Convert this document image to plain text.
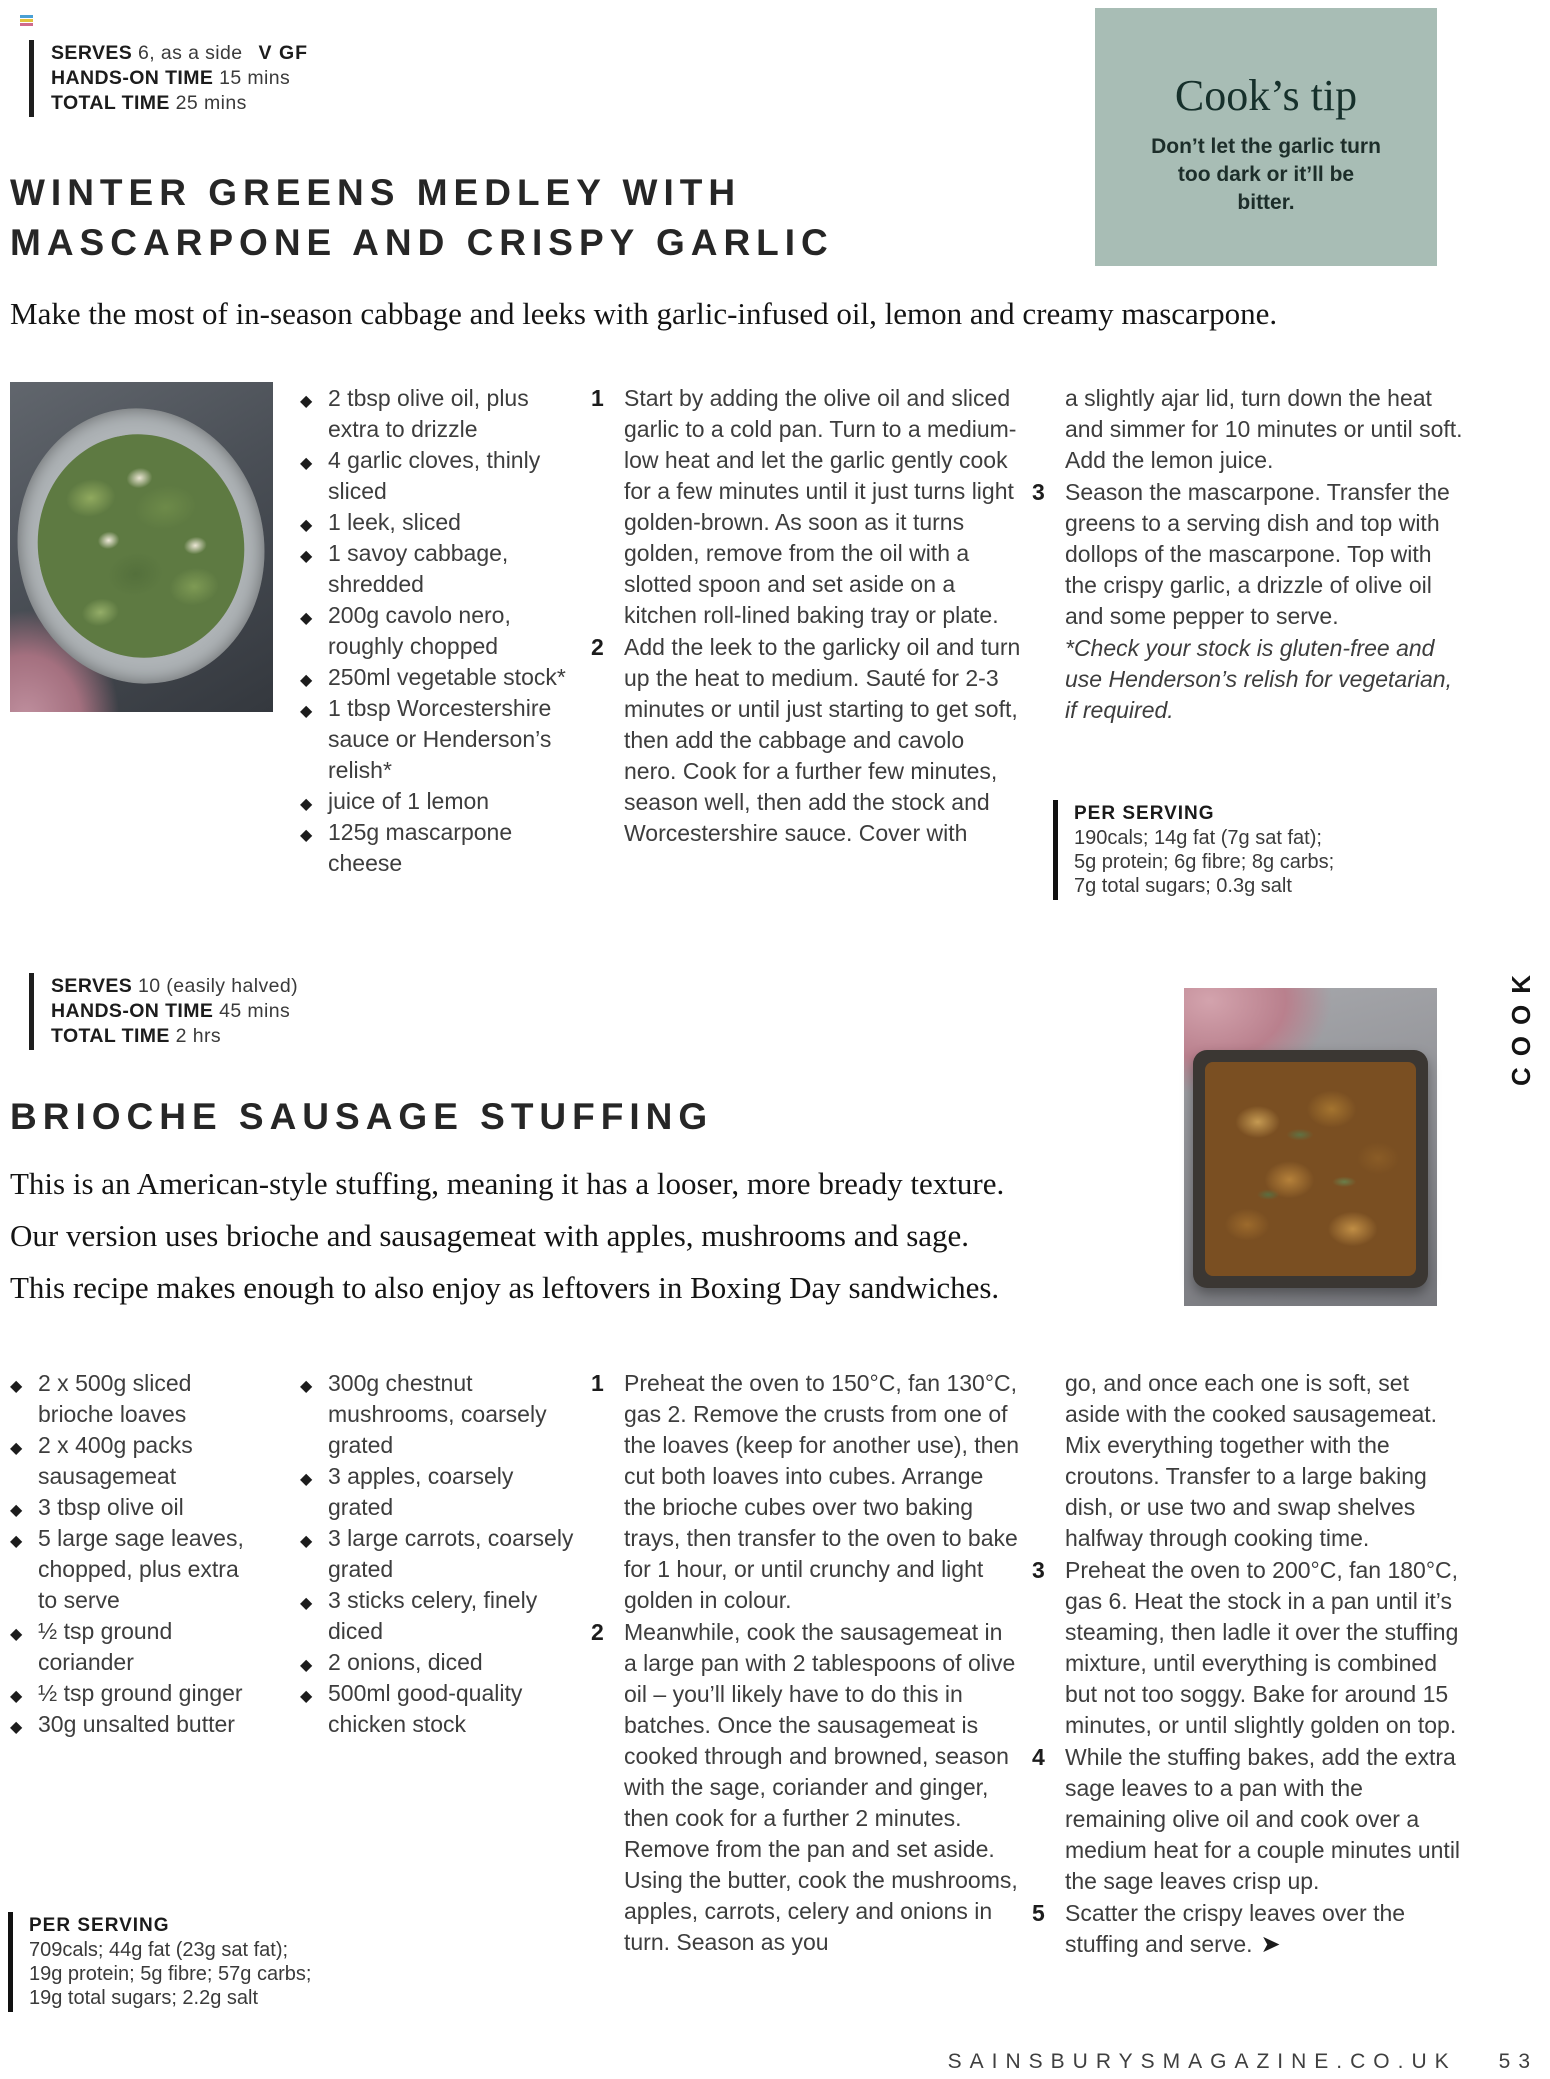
SERVES 6, as a side V GF
HANDS-ON TIME 15 mins
TOTAL TIME 25 mins	Cook’s tip
Don’t let the garlic turn too dark or it’ll be bitter.
WINTER GREENS MEDLEY WITH
MASCARPONE AND CRISPY GARLIC
Make the most of in-season cabbage and leeks with garlic-infused oil, lemon and creamy mascarpone.
◆ 2 tbsp olive oil, plus extra to drizzle
◆ 4 garlic cloves, thinly sliced
◆ 1 leek, sliced
◆ 1 savoy cabbage, shredded
◆ 200g cavolo nero, roughly chopped
◆ 250ml vegetable stock*
◆ 1 tbsp Worcestershire sauce or Henderson’s relish*
◆ juice of 1 lemon
◆ 125g mascarpone cheese
1 Start by adding the olive oil and sliced garlic to a cold pan. Turn to a medium-low heat and let the garlic gently cook for a few minutes until it just turns light golden-brown. As soon as it turns golden, remove from the oil with a slotted spoon and set aside on a kitchen roll-lined baking tray or plate.
2 Add the leek to the garlicky oil and turn up the heat to medium. Sauté for 2-3 minutes or until just starting to get soft, then add the cabbage and cavolo nero. Cook for a further few minutes, season well, then add the stock and Worcestershire sauce. Cover with
a slightly ajar lid, turn down the heat and simmer for 10 minutes or until soft. Add the lemon juice.
3 Season the mascarpone. Transfer the greens to a serving dish and top with dollops of the mascarpone. Top with the crispy garlic, a drizzle of olive oil and some pepper to serve.
*Check your stock is gluten-free and use Henderson’s relish for vegetarian, if required.
PER SERVING
190cals; 14g fat (7g sat fat);
5g protein; 6g fibre; 8g carbs;
7g total sugars; 0.3g salt
SERVES 10 (easily halved)
HANDS-ON TIME 45 mins
TOTAL TIME 2 hrs	COOK
BRIOCHE SAUSAGE STUFFING
This is an American-style stuffing, meaning it has a looser, more bready texture.
Our version uses brioche and sausagemeat with apples, mushrooms and sage.
This recipe makes enough to also enjoy as leftovers in Boxing Day sandwiches.
◆ 2 x 500g sliced brioche loaves
◆ 2 x 400g packs sausagemeat
◆ 3 tbsp olive oil
◆ 5 large sage leaves, chopped, plus extra to serve
◆ ½ tsp ground coriander
◆ ½ tsp ground ginger
◆ 30g unsalted butter
◆ 300g chestnut mushrooms, coarsely grated
◆ 3 apples, coarsely grated
◆ 3 large carrots, coarsely grated
◆ 3 sticks celery, finely diced
◆ 2 onions, diced
◆ 500ml good-quality chicken stock
1 Preheat the oven to 150°C, fan 130°C, gas 2. Remove the crusts from one of the loaves (keep for another use), then cut both loaves into cubes. Arrange the brioche cubes over two baking trays, then transfer to the oven to bake for 1 hour, or until crunchy and light golden in colour.
2 Meanwhile, cook the sausagemeat in a large pan with 2 tablespoons of olive oil – you’ll likely have to do this in batches. Once the sausagemeat is cooked through and browned, season with the sage, coriander and ginger, then cook for a further 2 minutes. Remove from the pan and set aside. Using the butter, cook the mushrooms, apples, carrots, celery and onions in turn. Season as you
go, and once each one is soft, set aside with the cooked sausagemeat. Mix everything together with the croutons. Transfer to a large baking dish, or use two and swap shelves halfway through cooking time.
3 Preheat the oven to 200°C, fan 180°C, gas 6. Heat the stock in a pan until it’s steaming, then ladle it over the stuffing mixture, until everything is combined but not too soggy. Bake for around 15 minutes, or until slightly golden on top.
4 While the stuffing bakes, add the extra sage leaves to a pan with the remaining olive oil and cook over a medium heat for a couple minutes until the sage leaves crisp up.
5 Scatter the crispy leaves over the stuffing and serve. ➤
PER SERVING
709cals; 44g fat (23g sat fat);
19g protein; 5g fibre; 57g carbs;
19g total sugars; 2.2g salt
SAINSBURYSMAGAZINE.CO.UK 53
